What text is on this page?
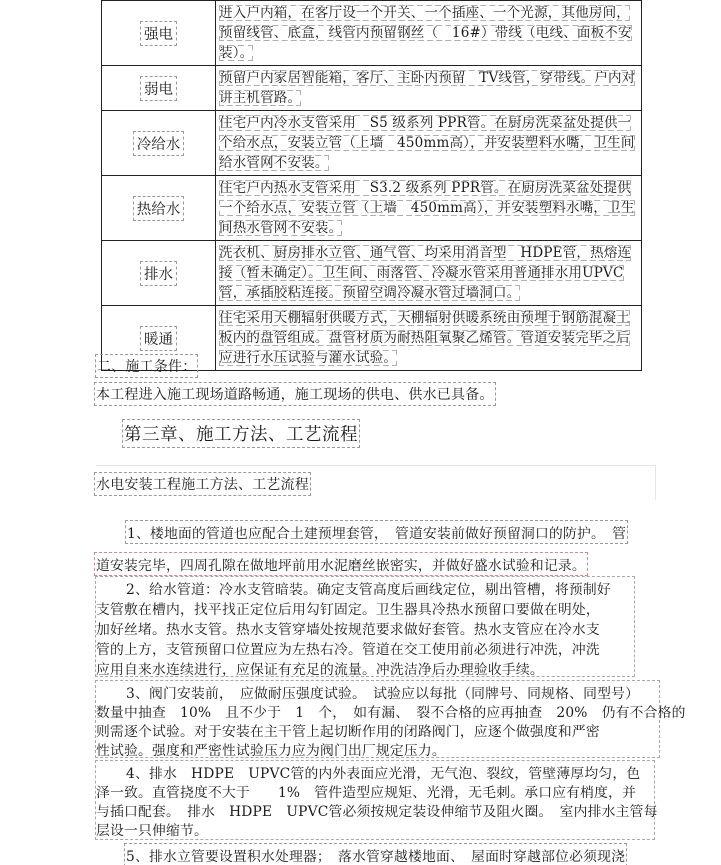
强电	进入户内箱，在客厅设一个开关、一个插座、一个光源，其他房间，预留线管、底盒，线管内预留钢丝（　16#）带线（电线、面板不安装）。
弱电	预留户内家居智能箱，客厅、主卧内预留　TV线管，穿带线。户内对讲主机管路。
冷给水	住宅户内冷水支管采用　S5 级系列 PPR管。在厨房洗菜盆处提供一个给水点，安装立管（上墙　450mm高），并安装塑料水嘴，卫生间给水管网不安装。
热给水	住宅户内热水支管采用　S3.2 级系列 PPR管。在厨房洗菜盆处提供一个给水点，安装立管（上墙　450mm高），并安装塑料水嘴，卫生间热水管网不安装。
排水	洗衣机、厨房排水立管、通气管、均采用消音型　HDPE管，热熔连接（暂未确定）。卫生间、雨落管、冷凝水管采用普通排水用UPVC管，承插胶粘连接。预留空调冷凝水管过墙洞口。
暖通	住宅采用天棚辐射供暖方式，天棚辐射供暖系统由预埋于钢筋混凝土板内的盘管组成。盘管材质为耐热阻氧聚乙烯管。管道安装完毕之后应进行水压试验与灌水试验。
二、施工条件：
本工程进入施工现场道路畅通，施工现场的供电、供水已具备。
第三章、施工方法、工艺流程
水电安装工程施工方法、工艺流程
1、楼地面的管道也应配合土建预埋套管，　管道安装前做好预留洞口的防护。　管
道安装完毕，四周孔隙在做地坪前用水泥磨丝嵌密实，并做好盛水试验和记录。
2、给水管道：冷水支管暗装。确定支管高度后画线定位，剔出管槽，将预制好
支管敷在槽内，找平找正定位后用勾钉固定。卫生器具冷热水预留口要做在明处，
加好丝堵。热水支管。热水支管穿墙处按规范要求做好套管。热水支管应在冷水支
管的上方，支管预留口位置应为左热右冷。管道在交工使用前必须进行冲洗，冲洗
应用自来水连续进行，应保证有充足的流量。冲洗洁净后办理验收手续。
3、阀门安装前，　应做耐压强度试验。　试验应以每批（同牌号、同规格、同型号）
数量中抽查　10%　且不少于　1　个，　如有漏、　裂不合格的应再抽查　20%　仍有不合格的
则需逐个试验。对于安装在主干管上起切断作用的闭路阀门，应逐个做强度和严密
性试验。强度和严密性试验压力应为阀门出厂规定压力。
4、排水　HDPE　UPVC管的内外表面应光滑，无气泡、裂纹，管壁薄厚均匀，色
泽一致。直管挠度不大于　　1%　管件造型应规矩、光滑，无毛刺。承口应有梢度，并
与插口配套。　排水　HDPE　UPVC管必须按规定装设伸缩节及阻火圈。　室内排水主管每
层设一只伸缩节。
5、排水立管要设置积水处理器；　落水管穿越楼地面、　屋面时穿越部位必须现浇
